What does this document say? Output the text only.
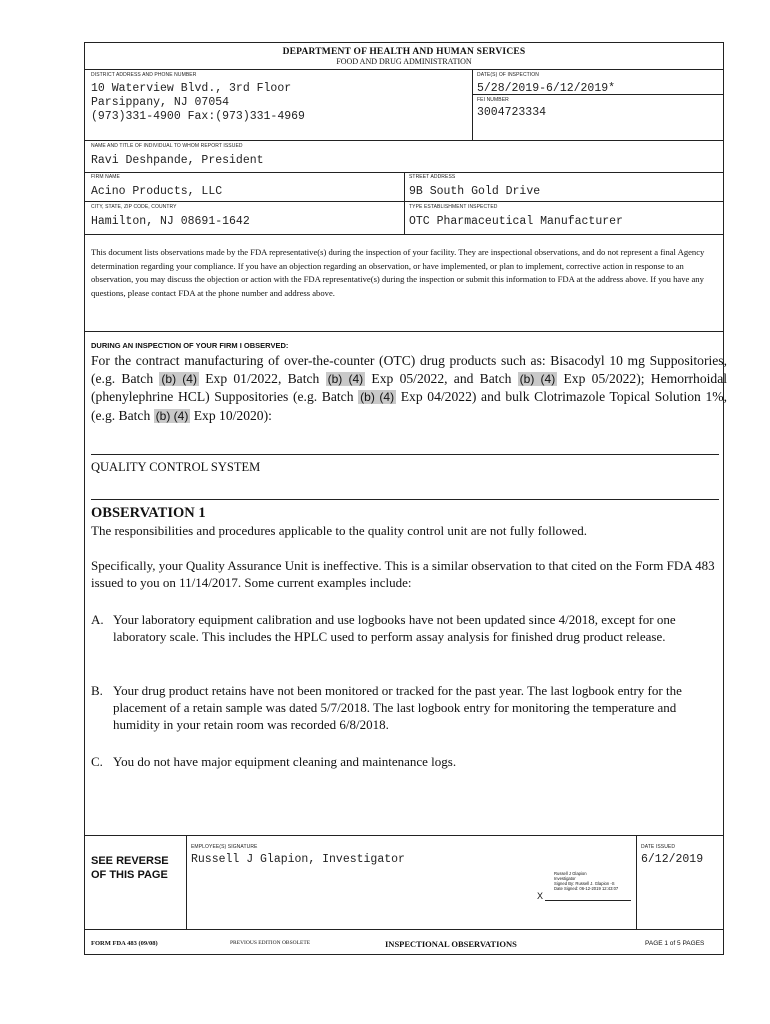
DEPARTMENT OF HEALTH AND HUMAN SERVICES
FOOD AND DRUG ADMINISTRATION
DISTRICT ADDRESS AND PHONE NUMBER
10 Waterview Blvd., 3rd Floor
Parsippany, NJ 07054
(973)331-4900 Fax:(973)331-4969
DATE(S) OF INSPECTION
5/28/2019-6/12/2019*
FEI NUMBER
3004723334
NAME AND TITLE OF INDIVIDUAL TO WHOM REPORT ISSUED
Ravi Deshpande, President
FIRM NAME
Acino Products, LLC
STREET ADDRESS
9B South Gold Drive
CITY, STATE, ZIP CODE, COUNTRY
Hamilton, NJ 08691-1642
TYPE ESTABLISHMENT INSPECTED
OTC Pharmaceutical Manufacturer
This document lists observations made by the FDA representative(s) during the inspection of your facility. They are inspectional observations, and do not represent a final Agency determination regarding your compliance. If you have an objection regarding an observation, or have implemented, or plan to implement, corrective action in response to an observation, you may discuss the objection or action with the FDA representative(s) during the inspection or submit this information to FDA at the address above. If you have any questions, please contact FDA at the phone number and address above.
DURING AN INSPECTION OF YOUR FIRM I OBSERVED:
For the contract manufacturing of over-the-counter (OTC) drug products such as: Bisacodyl 10 mg Suppositories, (e.g. Batch (b) (4) Exp 01/2022, Batch (b) (4) Exp 05/2022, and Batch (b) (4) Exp 05/2022); Hemorrhoidal (phenylephrine HCL) Suppositories (e.g. Batch (b) (4) Exp 04/2022) and bulk Clotrimazole Topical Solution 1%, (e.g. Batch (b) (4) Exp 10/2020):
QUALITY CONTROL SYSTEM
OBSERVATION 1
The responsibilities and procedures applicable to the quality control unit are not fully followed.
Specifically, your Quality Assurance Unit is ineffective. This is a similar observation to that cited on the Form FDA 483 issued to you on 11/14/2017. Some current examples include:
A. Your laboratory equipment calibration and use logbooks have not been updated since 4/2018, except for one laboratory scale. This includes the HPLC used to perform assay analysis for finished drug product release.
B. Your drug product retains have not been monitored or tracked for the past year. The last logbook entry for the placement of a retain sample was dated 5/7/2018. The last logbook entry for monitoring the temperature and humidity in your retain room was recorded 6/8/2018.
C. You do not have major equipment cleaning and maintenance logs.
SEE REVERSE
OF THIS PAGE
EMPLOYEE(S) SIGNATURE
Russell J Glapion, Investigator
DATE ISSUED
6/12/2019
Russell J Glapion
Investigator
Signed By: Russell J. Glapion -S
Date Signed: 06-12-2019 12:43:07
X
FORM FDA 483 (09/08)	PREVIOUS EDITION OBSOLETE	INSPECTIONAL OBSERVATIONS	PAGE 1 of 5 PAGES
